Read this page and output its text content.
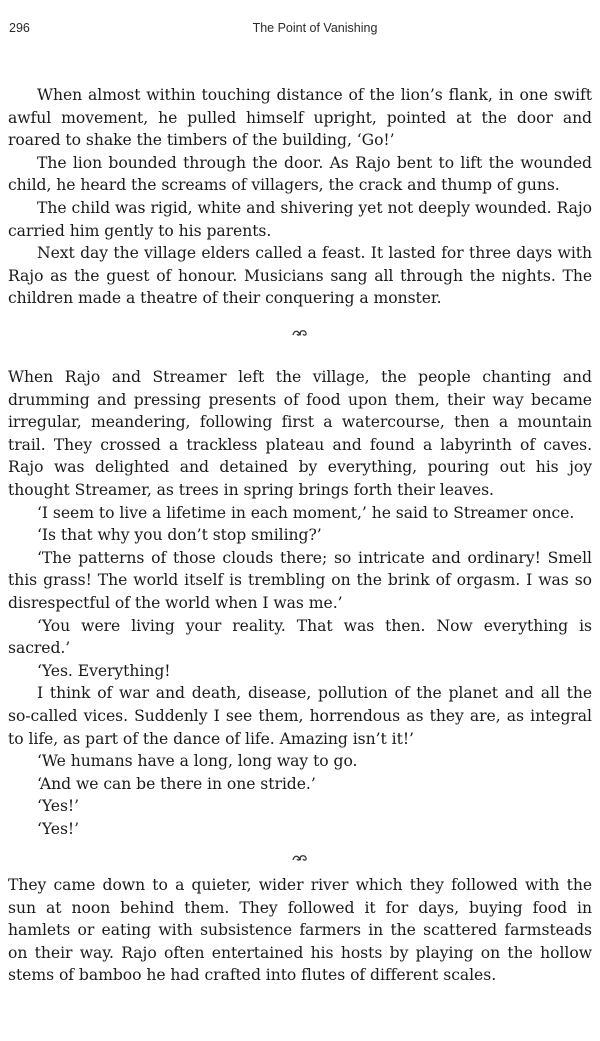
296	The Point of Vanishing

When almost within touching distance of the lion’s flank, in one swift awful movement, he pulled himself upright, pointed at the door and roared to shake the timbers of the building, ‘Go!’

The lion bounded through the door. As Rajo bent to lift the wounded child, he heard the screams of villagers, the crack and thump of guns.

The child was rigid, white and shivering yet not deeply wounded. Rajo carried him gently to his parents.

Next day the village elders called a feast. It lasted for three days with Rajo as the guest of honour. Musicians sang all through the nights. The children made a theatre of their conquering a monster.

When Rajo and Streamer left the village, the people chanting and drumming and pressing presents of food upon them, their way became irregular, meandering, following first a watercourse, then a mountain trail. They crossed a trackless plateau and found a labyrinth of caves. Rajo was delighted and detained by everything, pouring out his joy thought Streamer, as trees in spring brings forth their leaves.

‘I seem to live a lifetime in each moment,’ he said to Streamer once.

‘Is that why you don’t stop smiling?’

‘The patterns of those clouds there; so intricate and ordinary! Smell this grass! The world itself is trembling on the brink of orgasm. I was so disrespectful of the world when I was me.’

‘You were living your reality. That was then. Now everything is sacred.’

‘Yes. Everything!

I think of war and death, disease, pollution of the planet and all the so-called vices. Suddenly I see them, horrendous as they are, as integral to life, as part of the dance of life. Amazing isn’t it!’

‘We humans have a long, long way to go.

‘And we can be there in one stride.’

‘Yes!’

‘Yes!’

They came down to a quieter, wider river which they followed with the sun at noon behind them. They followed it for days, buying food in hamlets or eating with subsistence farmers in the scattered farmsteads on their way. Rajo often entertained his hosts by playing on the hollow stems of bamboo he had crafted into flutes of different scales.
